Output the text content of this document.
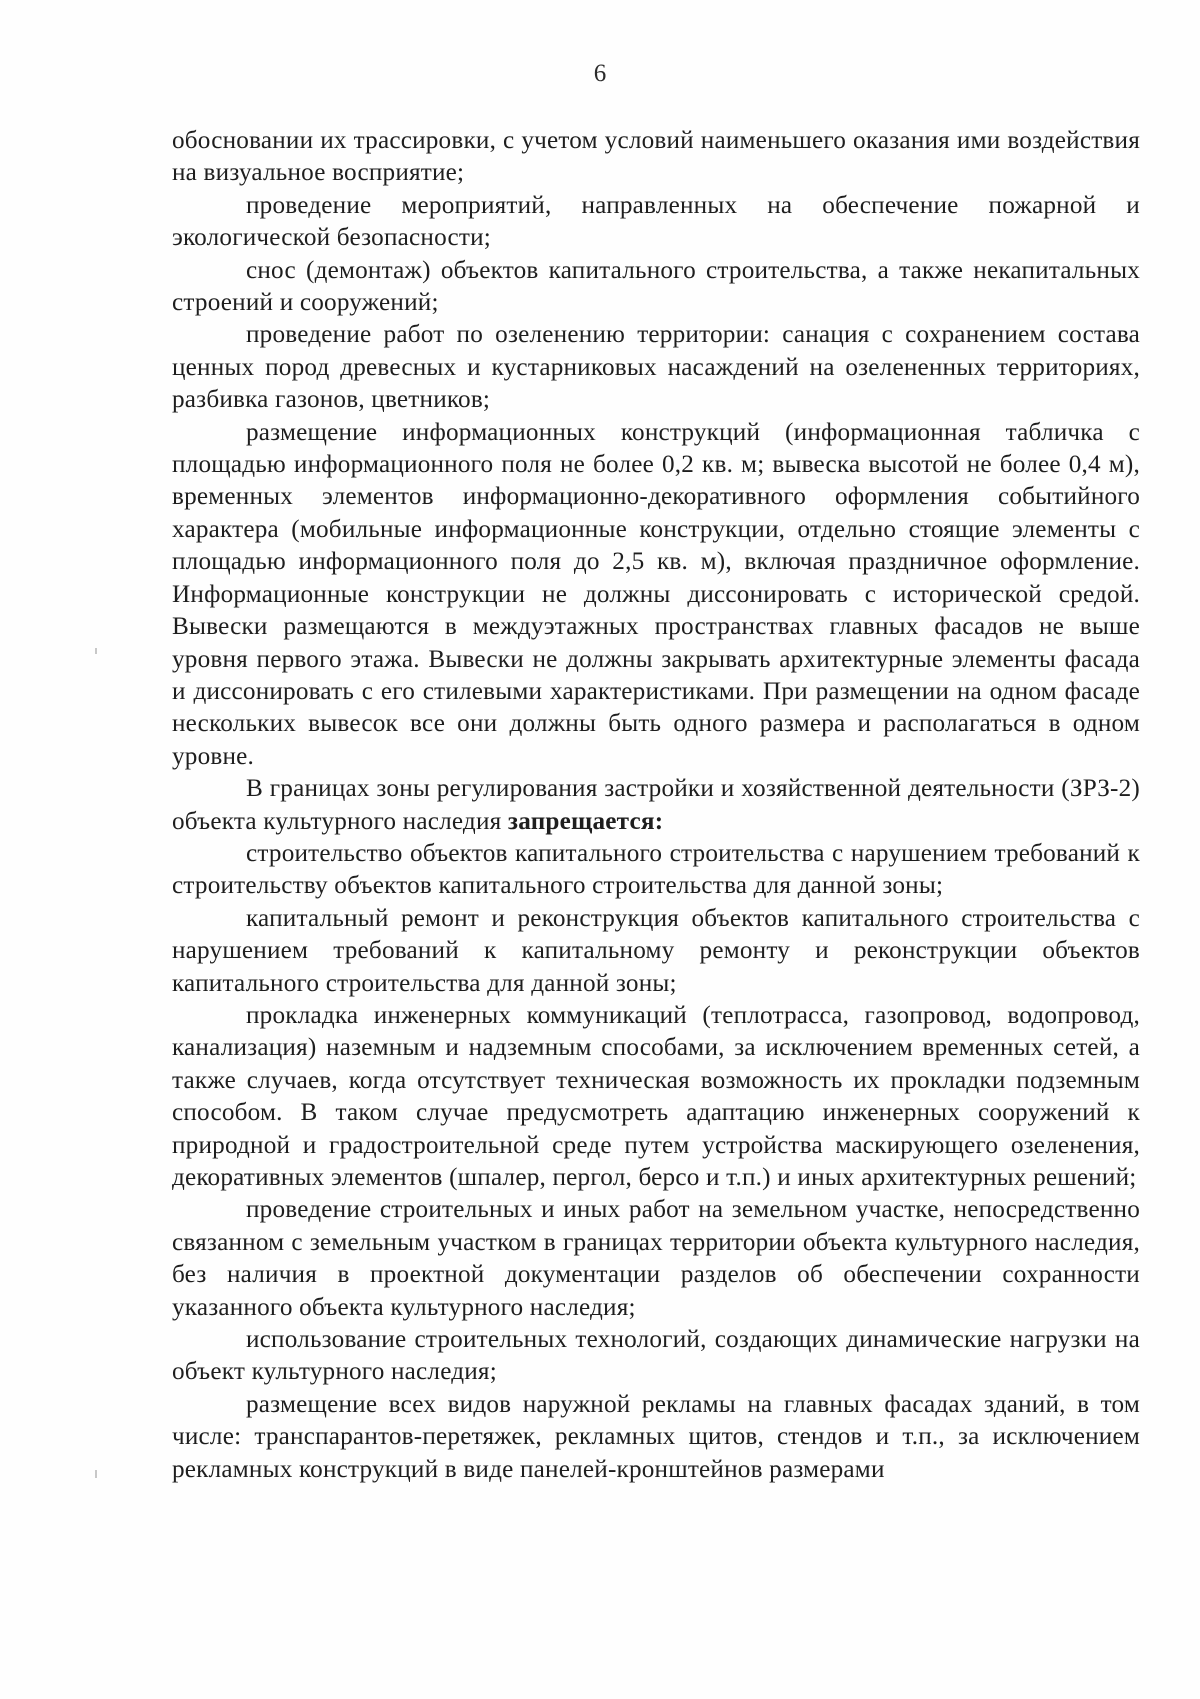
6

обосновании их трассировки, с учетом условий наименьшего оказания ими воздействия на визуальное восприятие;

проведение мероприятий, направленных на обеспечение пожарной и экологической безопасности;

снос (демонтаж) объектов капитального строительства, а также некапитальных строений и сооружений;

проведение работ по озеленению территории: санация с сохранением состава ценных пород древесных и кустарниковых насаждений на озелененных территориях, разбивка газонов, цветников;

размещение информационных конструкций (информационная табличка с площадью информационного поля не более 0,2 кв. м; вывеска высотой не более 0,4 м), временных элементов информационно-декоративного оформления событийного характера (мобильные информационные конструкции, отдельно стоящие элементы с площадью информационного поля до 2,5 кв. м), включая праздничное оформление. Информационные конструкции не должны диссонировать с исторической средой. Вывески размещаются в междуэтажных пространствах главных фасадов не выше уровня первого этажа. Вывески не должны закрывать архитектурные элементы фасада и диссонировать с его стилевыми характеристиками. При размещении на одном фасаде нескольких вывесок все они должны быть одного размера и располагаться в одном уровне.

В границах зоны регулирования застройки и хозяйственной деятельности (ЗРЗ-2) объекта культурного наследия запрещается:

строительство объектов капитального строительства с нарушением требований к строительству объектов капитального строительства для данной зоны;

капитальный ремонт и реконструкция объектов капитального строительства с нарушением требований к капитальному ремонту и реконструкции объектов капитального строительства для данной зоны;

прокладка инженерных коммуникаций (теплотрасса, газопровод, водопровод, канализация) наземным и надземным способами, за исключением временных сетей, а также случаев, когда отсутствует техническая возможность их прокладки подземным способом. В таком случае предусмотреть адаптацию инженерных сооружений к природной и градостроительной среде путем устройства маскирующего озеленения, декоративных элементов (шпалер, пергол, берсо и т.п.) и иных архитектурных решений;

проведение строительных и иных работ на земельном участке, непосредственно связанном с земельным участком в границах территории объекта культурного наследия, без наличия в проектной документации разделов об обеспечении сохранности указанного объекта культурного наследия;

использование строительных технологий, создающих динамические нагрузки на объект культурного наследия;

размещение всех видов наружной рекламы на главных фасадах зданий, в том числе: транспарантов-перетяжек, рекламных щитов, стендов и т.п., за исключением рекламных конструкций в виде панелей-кронштейнов размерами
